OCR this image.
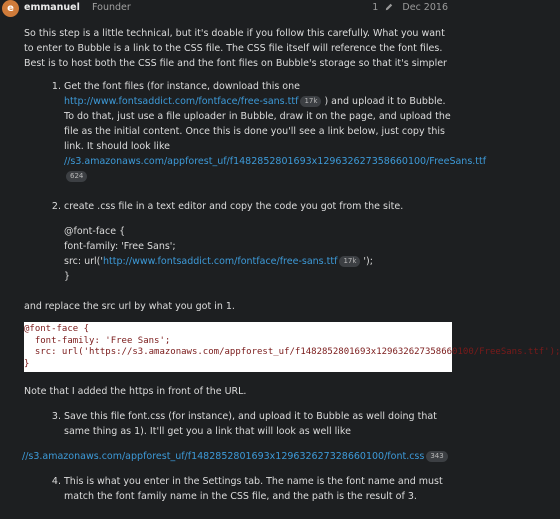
e	emmanuel Founder	1	Dec 2016

So this step is a little technical, but it's doable if you follow this carefully. What you want to enter to Bubble is a link to the CSS file. The CSS file itself will reference the font files. Best is to host both the CSS file and the font files on Bubble's storage so that it's simpler

1. Get the font files (for instance, download this one http://www.fontsaddict.com/fontface/free-sans.ttf 17k ) and upload it to Bubble. To do that, just use a file uploader in Bubble, draw it on the page, and upload the file as the initial content. Once this is done you'll see a link below, just copy this link. It should look like
//s3.amazonaws.com/appforest_uf/f1482852801693x129632627358660100/FreeSans.ttf624
2. create .css file in a text editor and copy the code you got from the site.
@font-face {
font-family: 'Free Sans';
src: url('http://www.fontsaddict.com/fontface/free-sans.ttf 17k ');
}

and replace the src url by what you got in 1.

@font-face {
font-family: 'Free Sans';
src: url('https://s3.amazonaws.com/appforest_uf/f1482852801693x129632627358660100/FreeSans.ttf');
}

Note that I added the https in front of the URL.

3. Save this file font.css (for instance), and upload it to Bubble as well doing that same thing as 1). It'll get you a link that will look as well like
//s3.amazonaws.com/appforest_uf/f1482852801693x129632627328660100/font.css 343
4. This is what you enter in the Settings tab. The name is the font name and must match the font family name in the CSS file, and the path is the result of 3.
